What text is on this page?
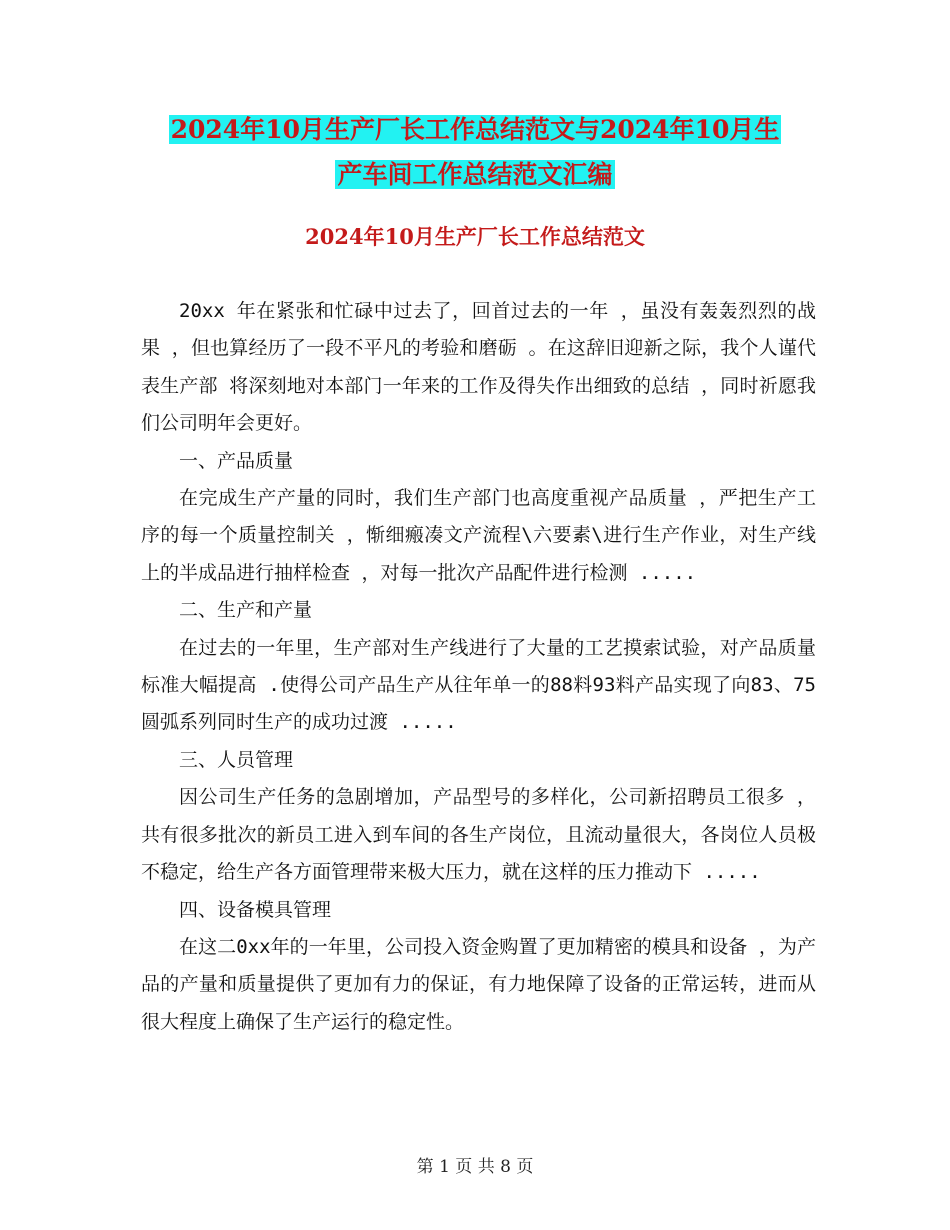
2024年10月生产厂长工作总结范文与2024年10月生
产车间工作总结范文汇编
2024年10月生产厂长工作总结范文

20xx 年在紧张和忙碌中过去了，回首过去的一年 ，虽没有轰轰烈烈的战果 ，但也算经历了一段不平凡的考验和磨砺 。在这辞旧迎新之际，我个人谨代表生产部 将深刻地对本部门一年来的工作及得失作出细致的总结 ，同时祈愿我们公司明年会更好。

一、产品质量

在完成生产产量的同时，我们生产部门也高度重视产品质量 ，严把生产工序的每一个质量控制关 ，惭细瘢凑文产流程\六要素\进行生产作业，对生产线上的半成品进行抽样检查 ，对每一批次产品配件进行检测 .....

二、生产和产量

在过去的一年里，生产部对生产线进行了大量的工艺摸索试验，对产品质量标准大幅提高 .使得公司产品生产从往年单一的88料93料产品实现了向83、75圆弧系列同时生产的成功过渡 .....

三、人员管理

因公司生产任务的急剧增加，产品型号的多样化，公司新招聘员工很多 ，共有很多批次的新员工进入到车间的各生产岗位，且流动量很大，各岗位人员极不稳定，给生产各方面管理带来极大压力，就在这样的压力推动下 .....

四、设备模具管理

在这二0xx年的一年里，公司投入资金购置了更加精密的模具和设备 ，为产品的产量和质量提供了更加有力的保证，有力地保障了设备的正常运转，进而从很大程度上确保了生产运行的稳定性。

第 1 页 共 8 页
